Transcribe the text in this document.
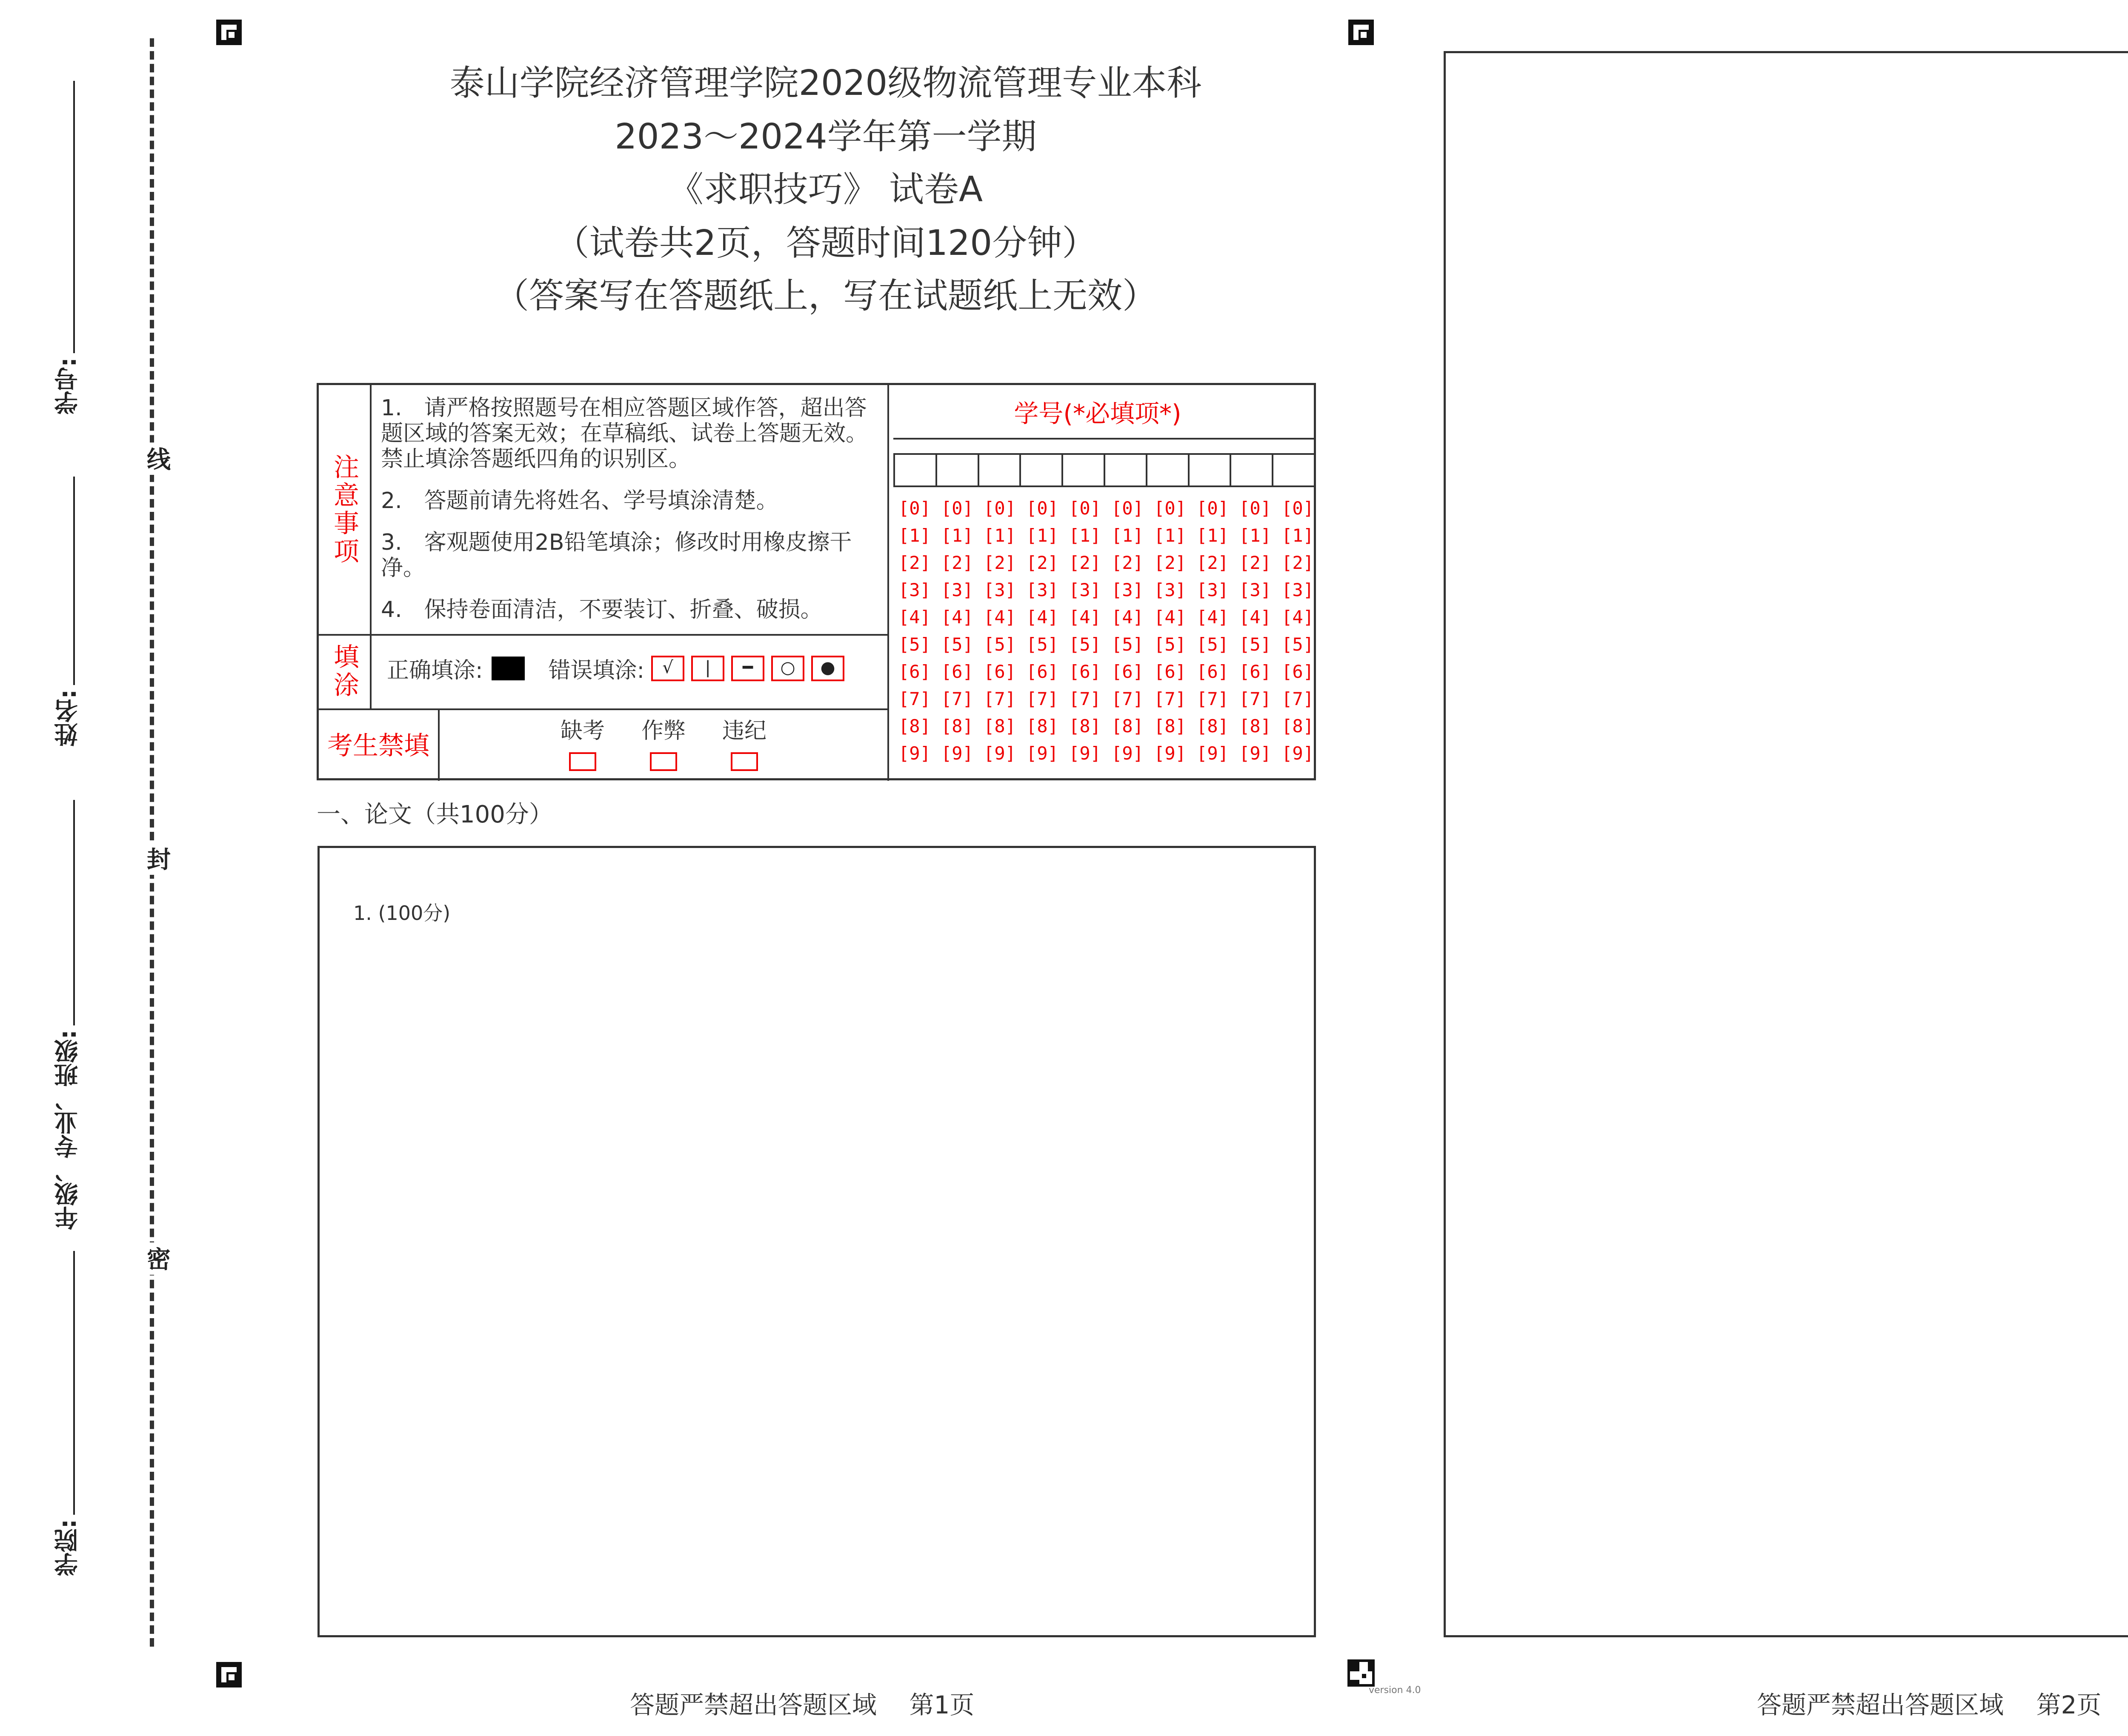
学号:
姓名:
年级、专业、班级:
学院:
线
封
密
泰山学院经济管理学院2020级物流管理专业本科
2023～2024学年第一学期
《求职技巧》 试卷A
（试卷共2页，答题时间120分钟）
（答案写在答题纸上，写在试题纸上无效）
注意事项

1.　请严格按照题号在相应答题区域作答，超出答题区域的答案无效；在草稿纸、试卷上答题无效。禁止填涂答题纸四角的识别区。

2.　答题前请先将姓名、学号填涂清楚。

3.　客观题使用2B铅笔填涂；修改时用橡皮擦干净。

4.　保持卷面清洁，不要装订、折叠、破损。

填涂 正确填涂:	错误填涂:	√	|	━	○	●
考生禁填	缺考	作弊	违纪
学号(*必填项*)
[0] [0] [0] [0] [0] [0] [0] [0] [0] [0]
[1] [1] [1] [1] [1] [1] [1] [1] [1] [1]
[2] [2] [2] [2] [2] [2] [2] [2] [2] [2]
[3] [3] [3] [3] [3] [3] [3] [3] [3] [3]
[4] [4] [4] [4] [4] [4] [4] [4] [4] [4]
[5] [5] [5] [5] [5] [5] [5] [5] [5] [5]
[6] [6] [6] [6] [6] [6] [6] [6] [6] [6]
[7] [7] [7] [7] [7] [7] [7] [7] [7] [7]
[8] [8] [8] [8] [8] [8] [8] [8] [8] [8]
[9] [9] [9] [9] [9] [9] [9] [9] [9] [9]
一、论文（共100分）
1. (100分)
答题严禁超出答题区域　 第1页
version 4.0
答题严禁超出答题区域　 第2页
